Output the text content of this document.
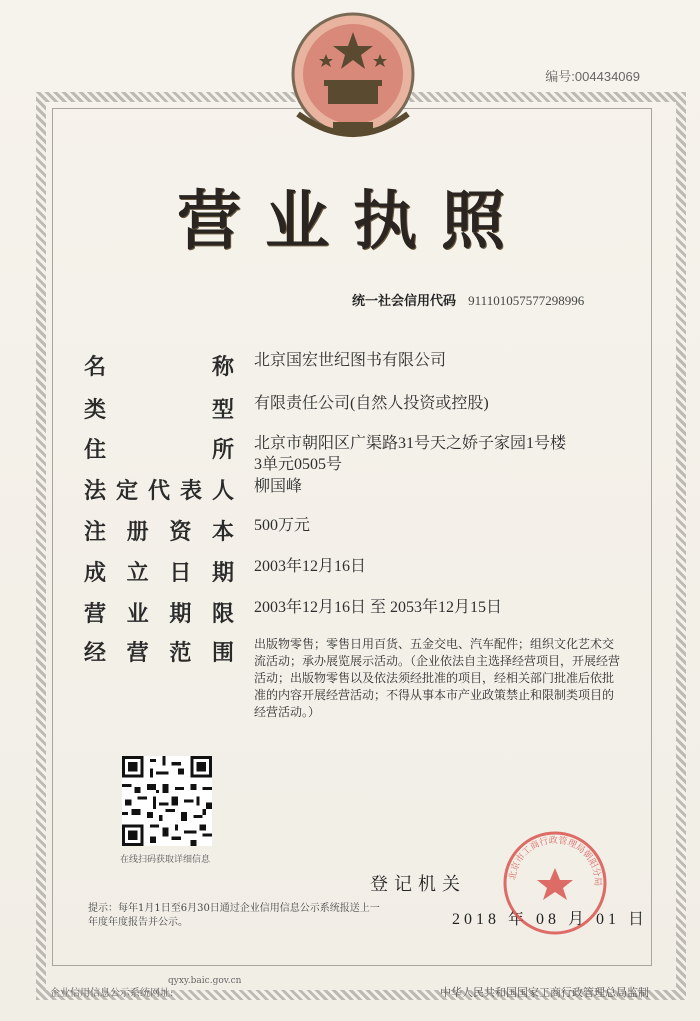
编号:004434069
营业执照
统一社会信用代码 911101057577298996
名	称 北京国宏世纪图书有限公司
类	型 有限责任公司(自然人投资或控股)
住	所 北京市朝阳区广渠路31号天之娇子家园1号楼
3单元0505号
法 定 代 表 人 柳国峰
注 册 资 本 500万元
成 立 日 期 2003年12月16日
营 业 期 限 2003年12月16日 至 2053年12月15日
经 营 范 围 出版物零售；零售日用百货、五金交电、汽车配件；组织文化艺术交流活动；承办展览展示活动。（企业依法自主选择经营项目，开展经营活动；出版物零售以及依法须经批准的项目，经相关部门批准后依批准的内容开展经营活动；不得从事本市产业政策禁止和限制类项目的经营活动。）
在线扫码获取详细信息
登记机关
2018 年 08 月 01 日
提示：每年1月1日至6月30日通过企业信用信息公示系统报送上一年度年度报告并公示。
北京市工商行政管理局朝阳分局
企业信用信息公示系统网址:
qyxy.baic.gov.cn
中华人民共和国国家工商行政管理总局监制
